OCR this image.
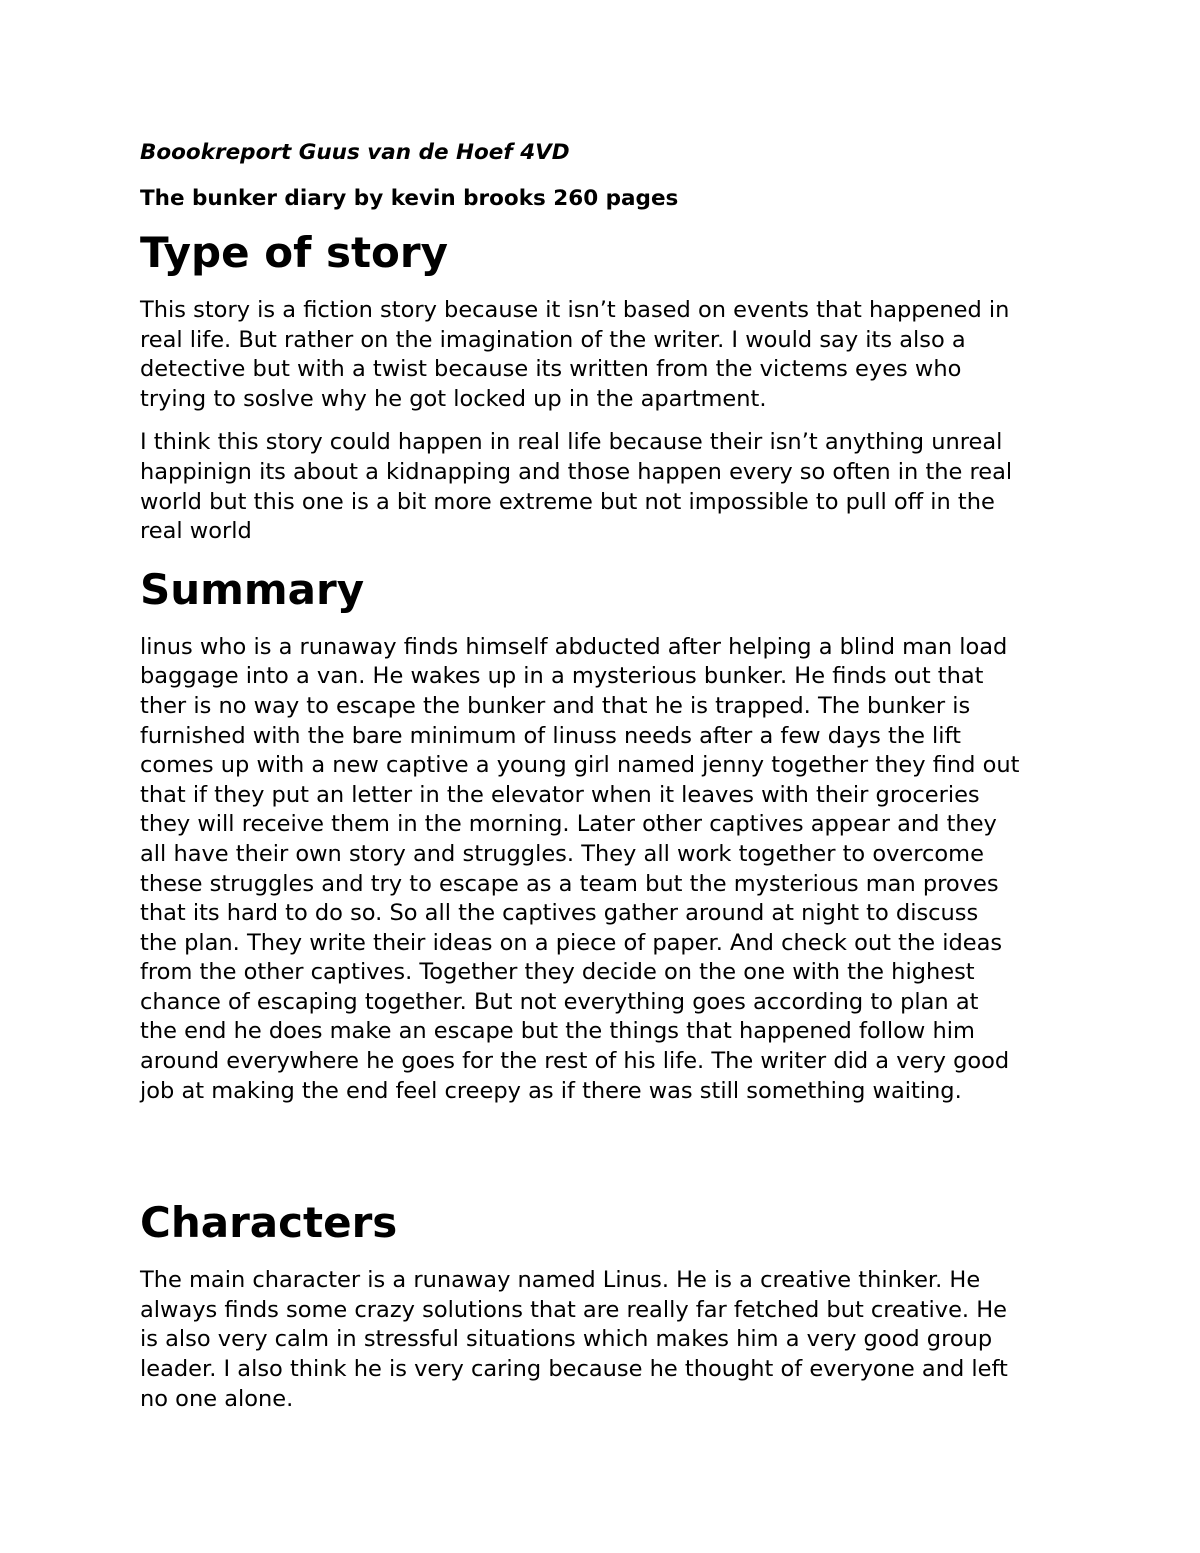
Boookreport Guus van de Hoef 4VD
The bunker diary by kevin brooks 260 pages
Type of story

This story is a fiction story because it isn’t based on events that happened in
real life. But rather on the imagination of the writer. I would say its also a
detective but with a twist because its written from the victems eyes who
trying to soslve why he got locked up in the apartment.

I think this story could happen in real life because their isn’t anything unreal
happinign its about a kidnapping and those happen every so often in the real
world but this one is a bit more extreme but not impossible to pull off in the
real world

Summary

linus who is a runaway finds himself abducted after helping a blind man load
baggage into a van. He wakes up in a mysterious bunker. He finds out that
ther is no way to escape the bunker and that he is trapped. The bunker is
furnished with the bare minimum of linuss needs after a few days the lift
comes up with a new captive a young girl named jenny together they find out
that if they put an letter in the elevator when it leaves with their groceries
they will receive them in the morning. Later other captives appear and they
all have their own story and struggles. They all work together to overcome
these struggles and try to escape as a team but the mysterious man proves
that its hard to do so. So all the captives gather around at night to discuss
the plan. They write their ideas on a piece of paper. And check out the ideas
from the other captives. Together they decide on the one with the highest
chance of escaping together. But not everything goes according to plan at
the end he does make an escape but the things that happened follow him
around everywhere he goes for the rest of his life. The writer did a very good
job at making the end feel creepy as if there was still something waiting.

Characters

The main character is a runaway named Linus. He is a creative thinker. He
always finds some crazy solutions that are really far fetched but creative. He
is also very calm in stressful situations which makes him a very good group
leader. I also think he is very caring because he thought of everyone and left
no one alone.
